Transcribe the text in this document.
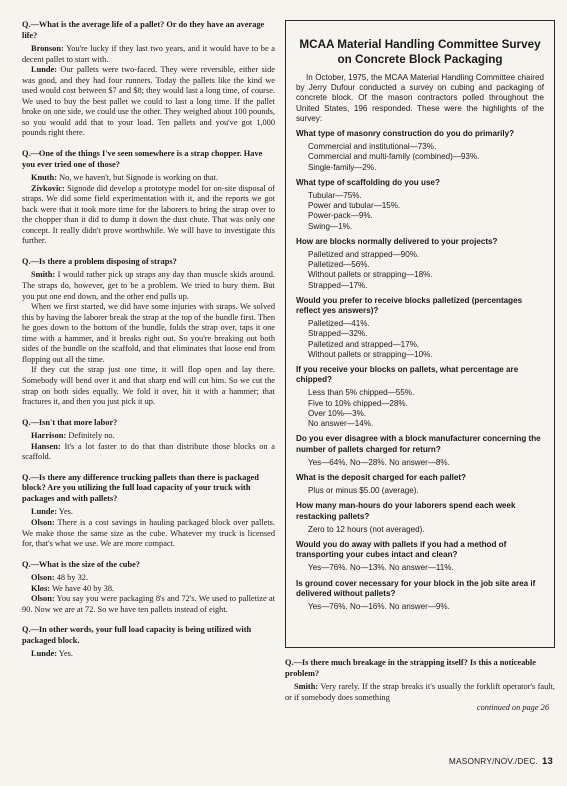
Q.—What is the average life of a pallet? Or do they have an average life?

Bronson: You're lucky if they last two years, and it would have to be a decent pallet to start with.

Lunde: Our pallets were two-faced. They were reversible, either side was good, and they had four runners. Today the pallets like the kind we used would cost between $7 and $8; they would last a long time, of course. We used to buy the best pallet we could to last a long time. If the pallet broke on one side, we could use the other. They weighed about 100 pounds, so you would add that to your load. Ten pallets and you've got 1,000 pounds right there.

Q.—One of the things I've seen somewhere is a strap chopper. Have you ever tried one of those?

Knuth: No, we haven't, but Signode is working on that.

Zivkovic: Signode did develop a prototype model for on-site disposal of straps. We did some field experimentation with it, and the reports we got back were that it took more time for the laborers to bring the strap over to the chopper than it did to dump it down the dust chute. That was only one concept. It really didn't prove worthwhile. We will have to investigate this further.

Q.—Is there a problem disposing of straps?

Smith: I would rather pick up straps any day than muscle skids around. The straps do, however, get to be a problem. We tried to bury them. But you put one end down, and the other end pulls up.

When we first started, we did have some injuries with straps. We solved this by having the laborer break the strap at the top of the bundle first. Then he goes down to the bottom of the bundle, folds the strap over, taps it one time with a hammer, and it breaks right out. So you're breaking out both sides of the bundle on the scaffold, and that eliminates that loose end from flopping out all the time.

If they cut the strap just one time, it will flop open and lay there. Somebody will bend over it and that sharp end will cut him. So we cut the strap on both sides equally. We fold it over, hit it with a hammer; that fractures it, and then you just pick it up.

Q.—Isn't that more labor?

Harrison: Definitely no.

Hansen: It's a lot faster to do that than distribute those blocks on a scaffold.

Q.—Is there any difference trucking pallets than there is packaged block? Are you utilizing the full load capacity of your truck with packages and with pallets?

Lunde: Yes.

Olson: There is a cost savings in hauling packaged block over pallets. We make those the same size as the cube. Whatever my truck is licensed for, that's what we use. We are more compact.

Q.—What is the size of the cube?

Olson: 48 by 32.

Klos: We have 40 by 38.

Olson: You say you were packaging 8's and 72's. We used to palletize at 90. Now we are at 72. So we have ten pallets instead of eight.

Q.—In other words, your full load capacity is being utilized with packaged block.

Lunde: Yes.

MCAA Material Handling Committee Survey on Concrete Block Packaging

In October, 1975, the MCAA Material Handling Committee chaired by Jerry Dufour conducted a survey on cubing and packaging of concrete block. Of the mason contractors polled throughout the United States, 196 responded. These were the highlights of the survey:

What type of masonry construction do you do primarily?

Commercial and institutional—73%.

Commercial and multi-family (combined)—93%.

Single-family—2%.

What type of scaffolding do you use?

Tubular—75%.

Power and tubular—15%.

Power-pack—9%.

Swing—1%.

How are blocks normally delivered to your projects?

Palletized and strapped—90%.

Palletized—56%.

Without pallets or strapping—18%.

Strapped—17%.

Would you prefer to receive blocks palletized (percentages reflect yes answers)?

Palletized—41%.

Strapped—32%.

Palletized and strapped—17%.

Without pallets or strapping—10%.

If you receive your blocks on pallets, what percentage are chipped?

Less than 5% chipped—55%.

Five to 10% chipped—28%.

Over 10%—3%.

No answer—14%.

Do you ever disagree with a block manufacturer concerning the number of pallets charged for return?

Yes—64%. No—28%. No answer—8%.

What is the deposit charged for each pallet?

Plus or minus $5.00 (average).

How many man-hours do your laborers spend each week restacking pallets?

Zero to 12 hours (not averaged).

Would you do away with pallets if you had a method of transporting your cubes intact and clean?

Yes—76%. No—13%. No answer—11%.

Is ground cover necessary for your block in the job site area if delivered without pallets?

Yes—76%. No—16%. No answer—9%.

Q.—Is there much breakage in the strapping itself? Is this a noticeable problem?

Smith: Very rarely. If the strap breaks it's usually the forklift operator's fault, or if somebody does something

continued on page 26

MASONRY/NOV./DEC. 13
